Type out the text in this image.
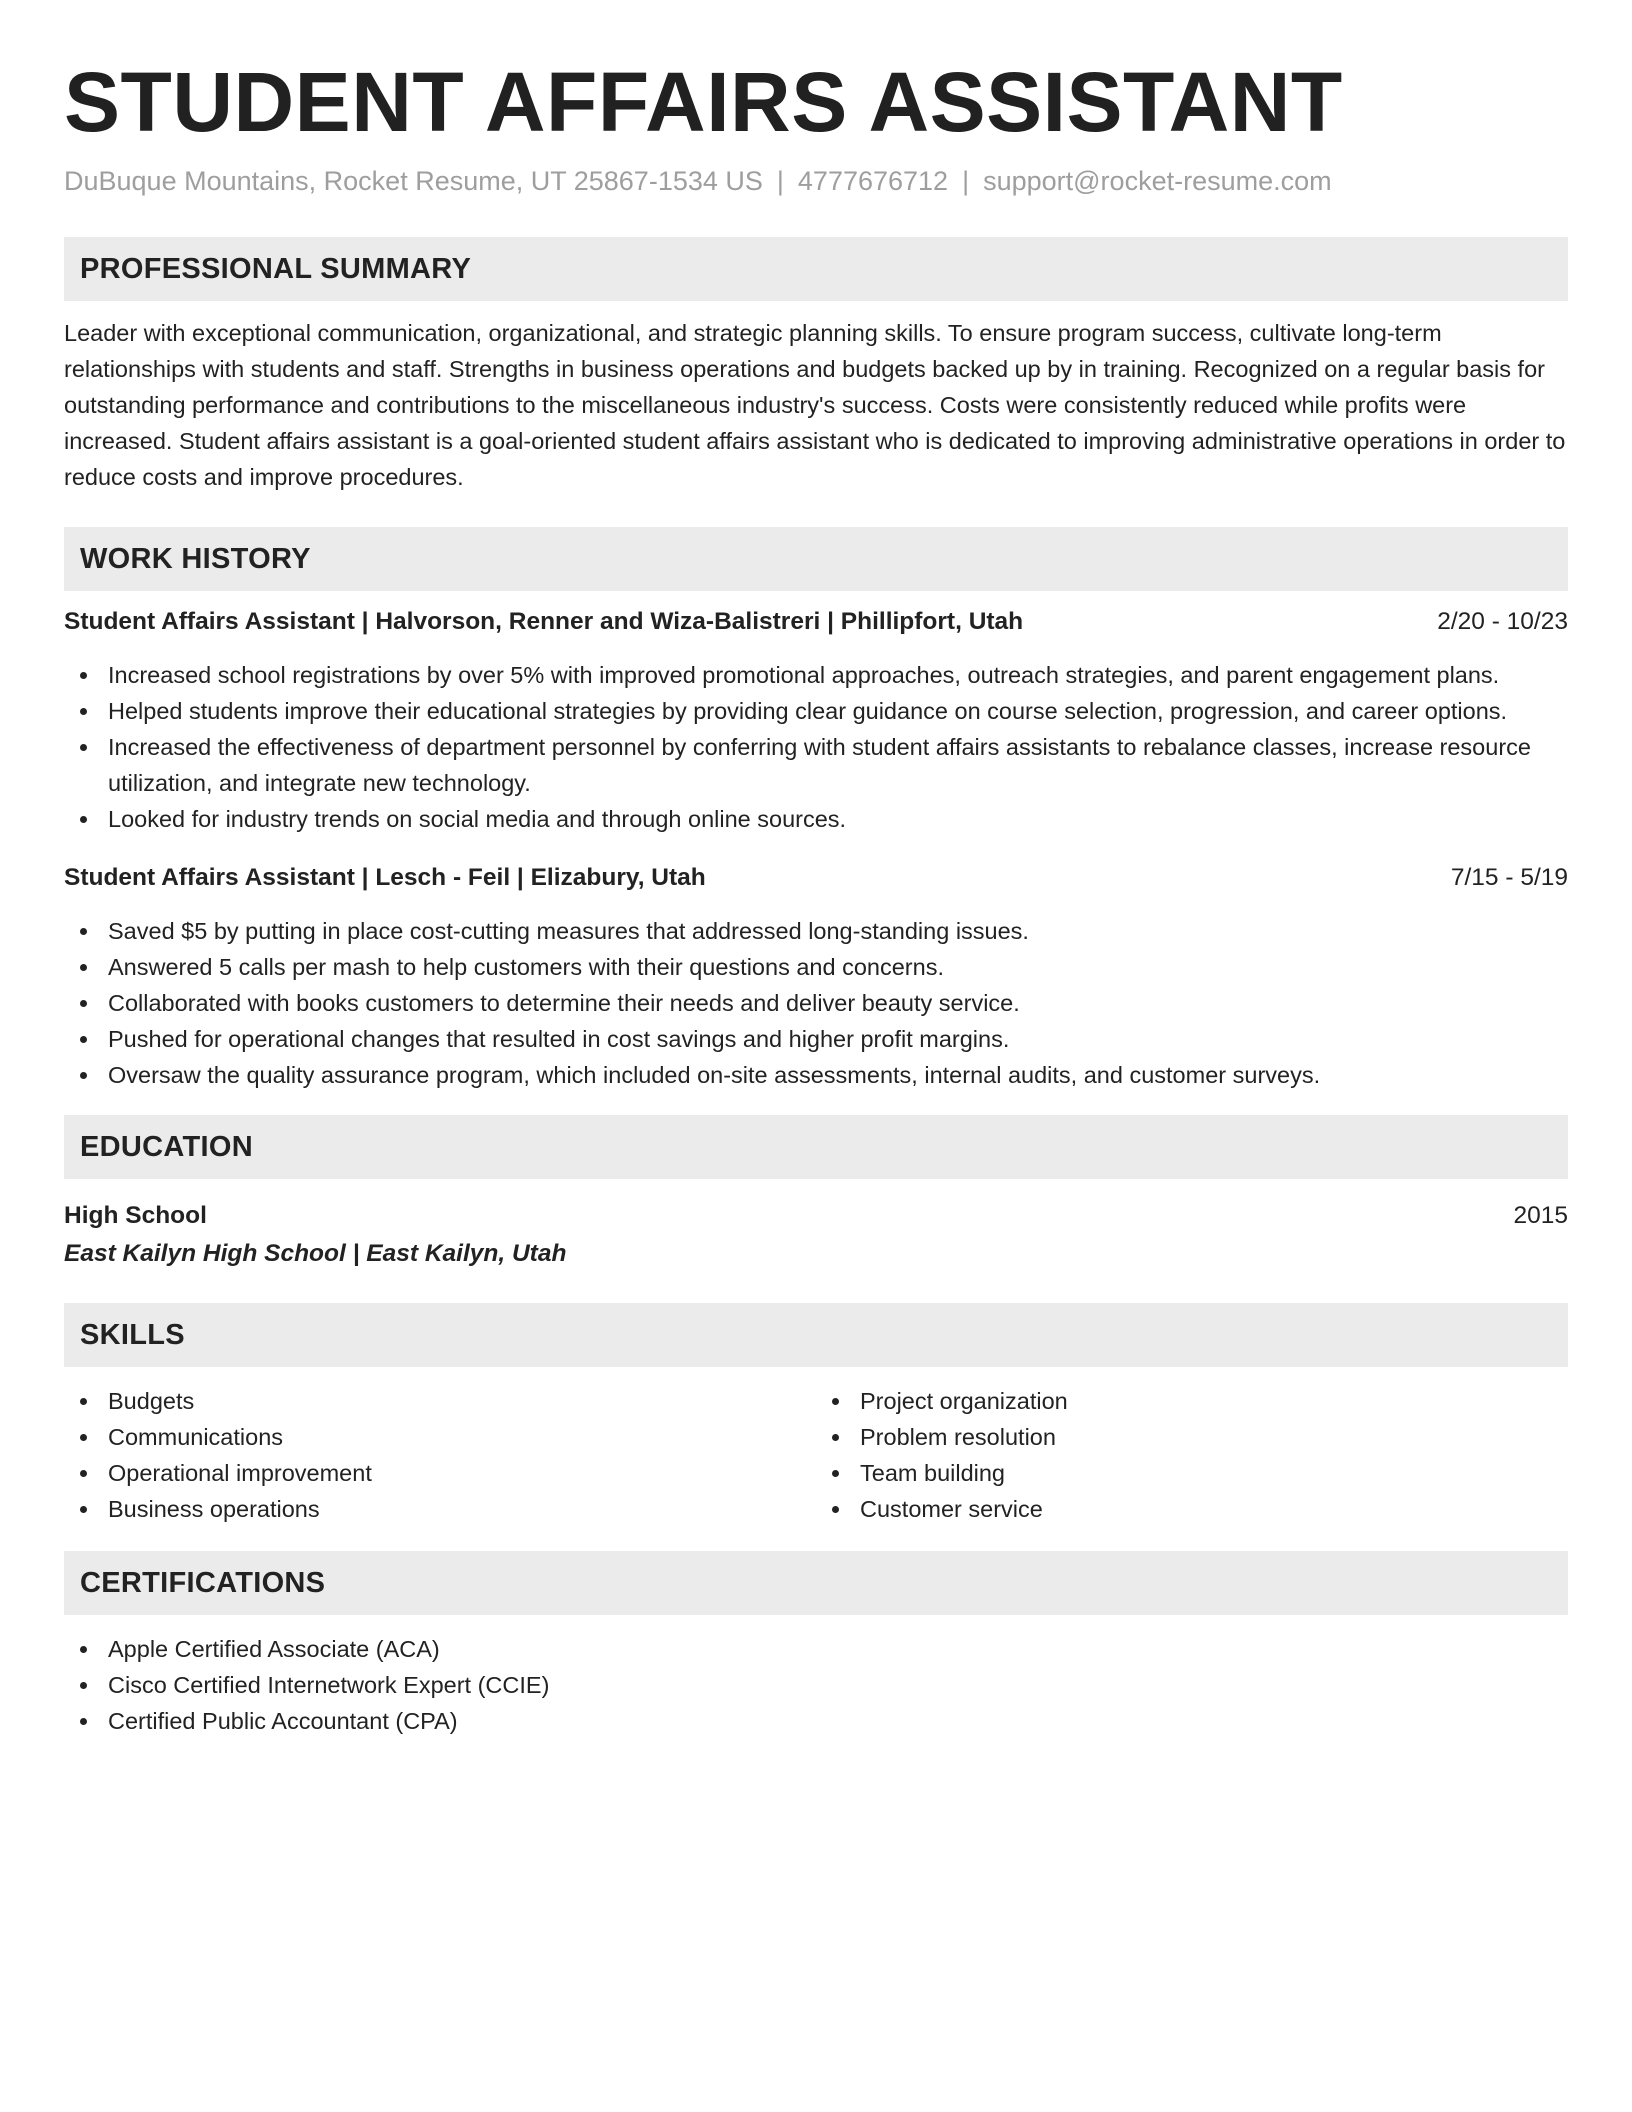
STUDENT AFFAIRS ASSISTANT
DuBuque Mountains, Rocket Resume, UT 25867-1534 US | 4777676712 | support@rocket-resume.com
PROFESSIONAL SUMMARY

Leader with exceptional communication, organizational, and strategic planning skills. To ensure program success, cultivate long-term relationships with students and staff. Strengths in business operations and budgets backed up by in training. Recognized on a regular basis for outstanding performance and contributions to the miscellaneous industry's success. Costs were consistently reduced while profits were increased. Student affairs assistant is a goal-oriented student affairs assistant who is dedicated to improving administrative operations in order to reduce costs and improve procedures.

WORK HISTORY
Student Affairs Assistant | Halvorson, Renner and Wiza-Balistreri | Phillipfort, Utah	2/20 - 10/23
Increased school registrations by over 5% with improved promotional approaches, outreach strategies, and parent engagement plans.
Helped students improve their educational strategies by providing clear guidance on course selection, progression, and career options.
Increased the effectiveness of department personnel by conferring with student affairs assistants to rebalance classes, increase resource utilization, and integrate new technology.
Looked for industry trends on social media and through online sources.
Student Affairs Assistant | Lesch - Feil | Elizabury, Utah	7/15 - 5/19
Saved $5 by putting in place cost-cutting measures that addressed long-standing issues.
Answered 5 calls per mash to help customers with their questions and concerns.
Collaborated with books customers to determine their needs and deliver beauty service.
Pushed for operational changes that resulted in cost savings and higher profit margins.
Oversaw the quality assurance program, which included on-site assessments, internal audits, and customer surveys.
EDUCATION
High School	2015
East Kailyn High School | East Kailyn, Utah
SKILLS
Budgets
Communications
Operational improvement
Business operations
Project organization
Problem resolution
Team building
Customer service
CERTIFICATIONS
Apple Certified Associate (ACA)
Cisco Certified Internetwork Expert (CCIE)
Certified Public Accountant (CPA)
